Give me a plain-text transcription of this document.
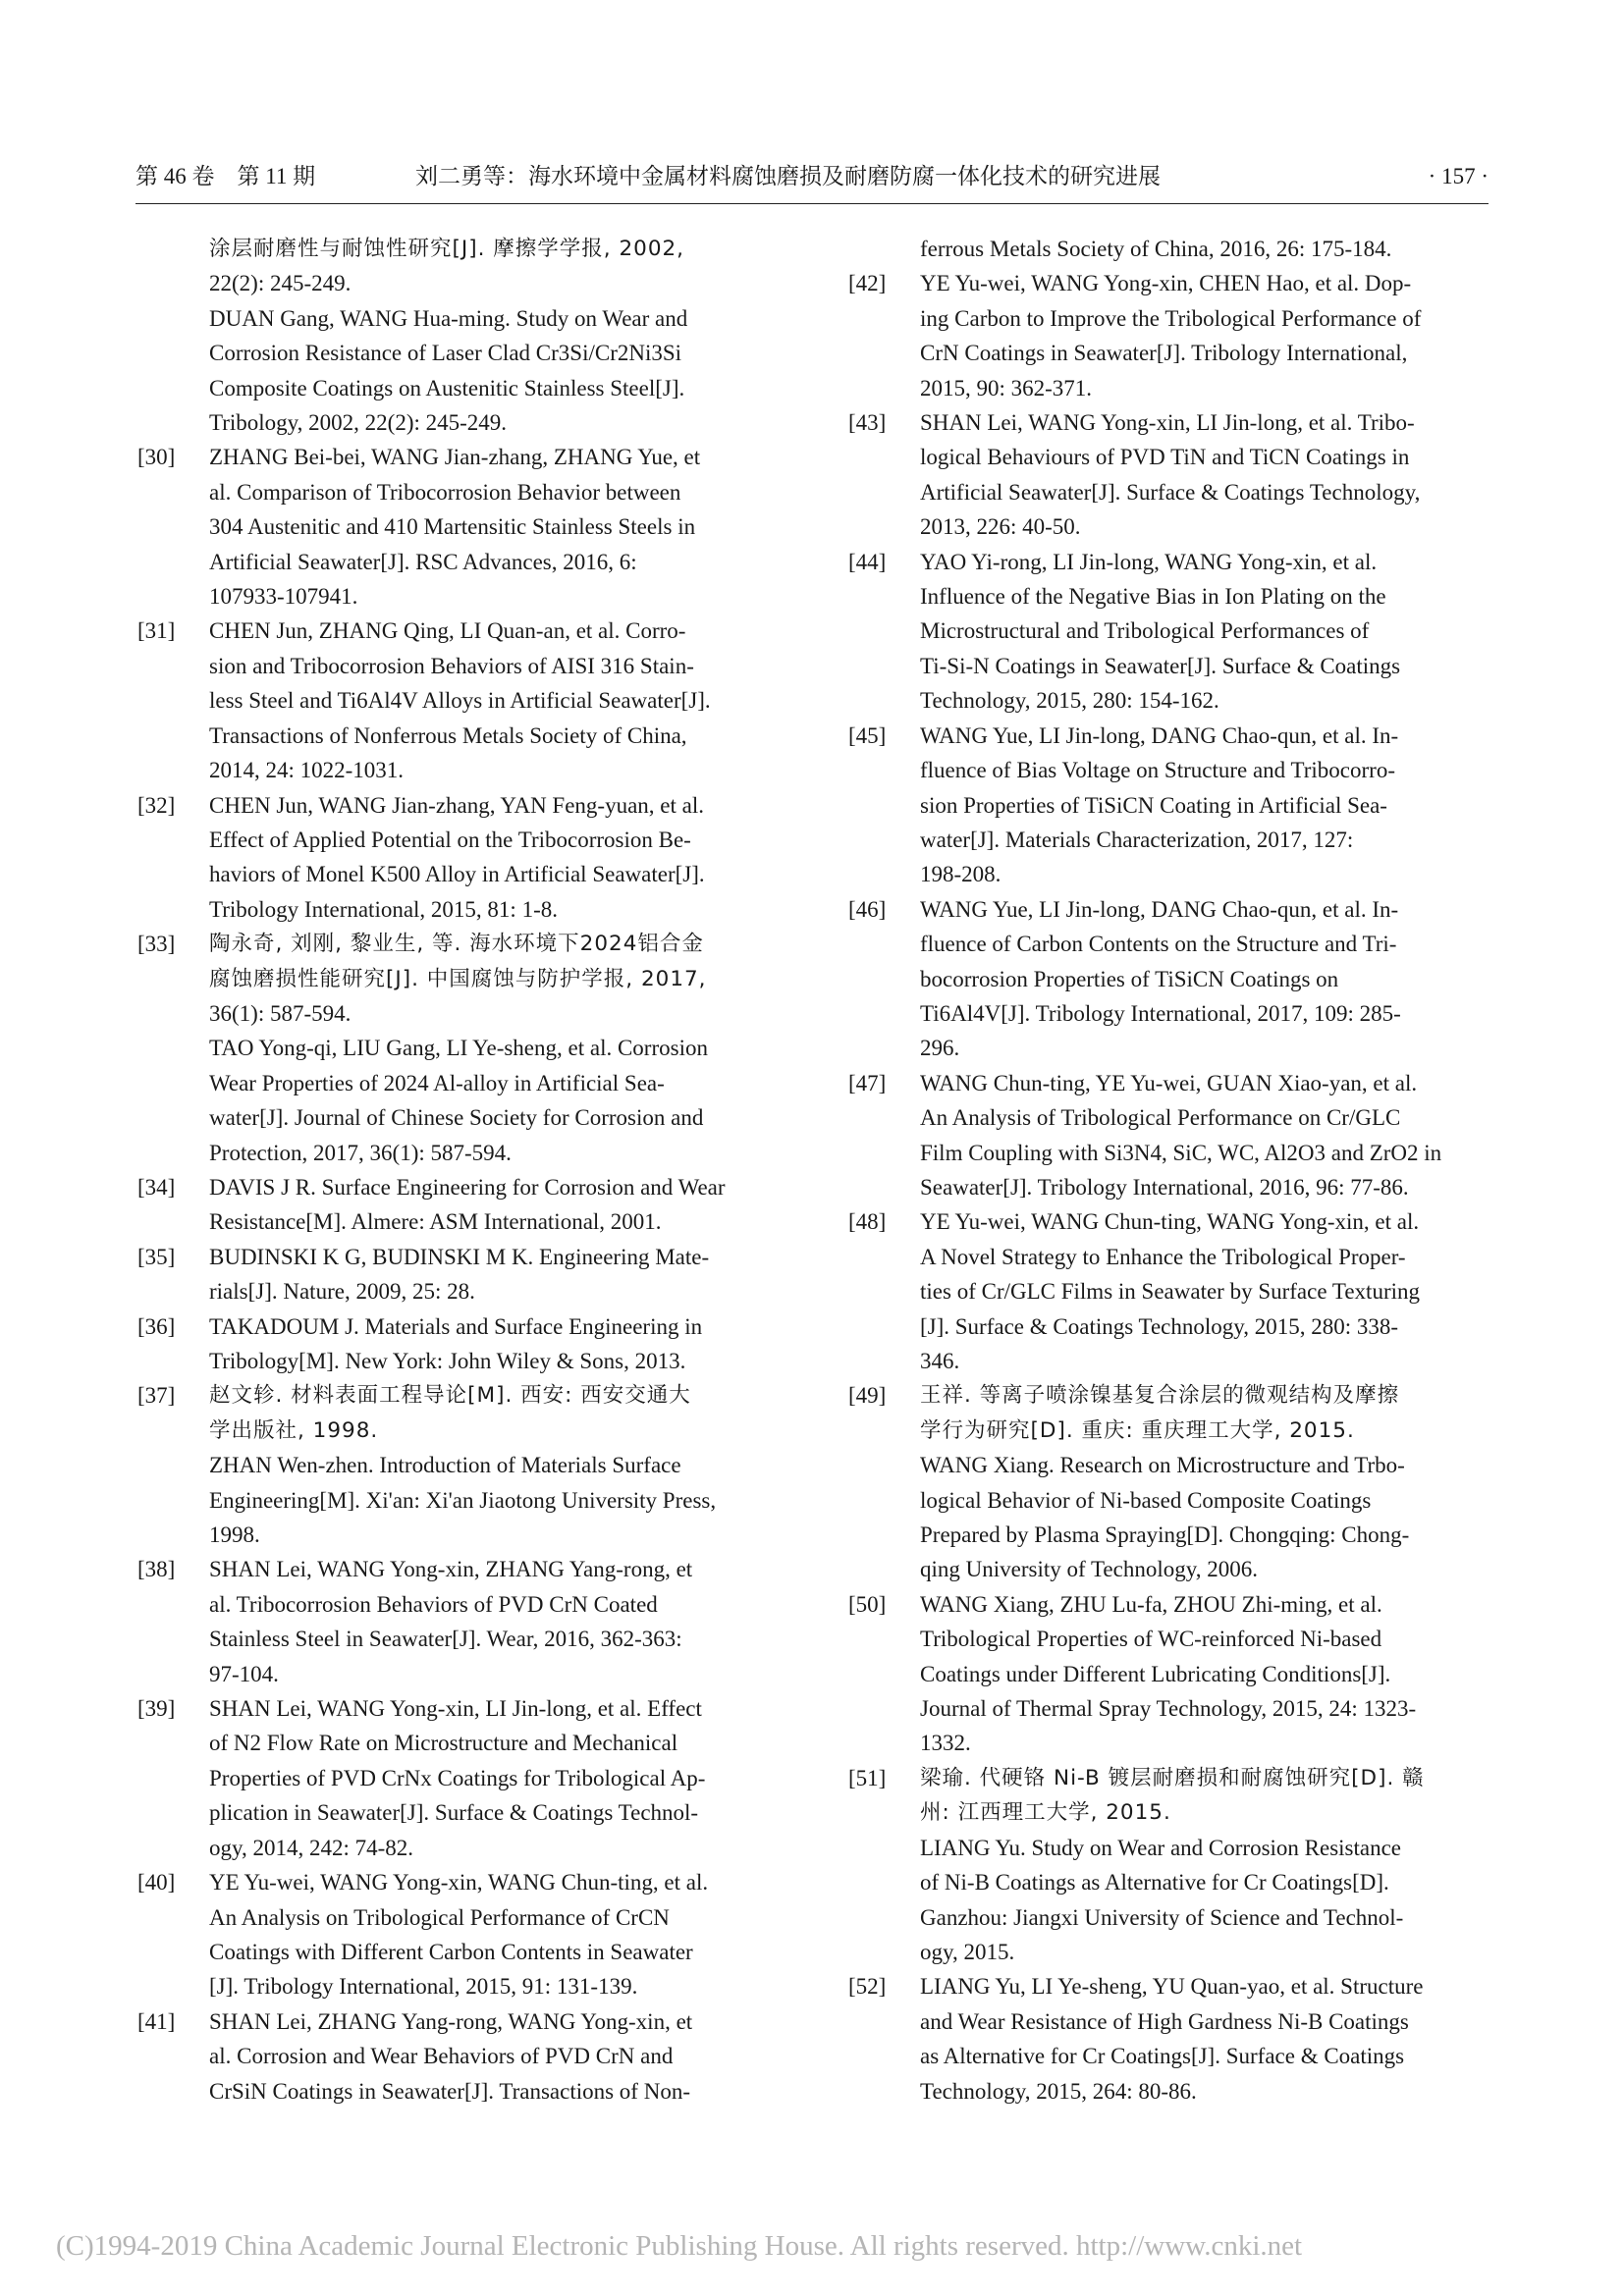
第 46 卷　第 11 期	刘二勇等：海水环境中金属材料腐蚀磨损及耐磨防腐一体化技术的研究进展	· 157 ·
涂层耐磨性与耐蚀性研究[J]. 摩擦学学报, 2002,
22(2): 245-249.
DUAN Gang, WANG Hua-ming. Study on Wear and
Corrosion Resistance of Laser Clad Cr3Si/Cr2Ni3Si
Composite Coatings on Austenitic Stainless Steel[J].
Tribology, 2002, 22(2): 245-249.
[30] ZHANG Bei-bei, WANG Jian-zhang, ZHANG Yue, et
al. Comparison of Tribocorrosion Behavior between
304 Austenitic and 410 Martensitic Stainless Steels in
Artificial Seawater[J]. RSC Advances, 2016, 6:
107933-107941.
[31] CHEN Jun, ZHANG Qing, LI Quan-an, et al. Corro-
sion and Tribocorrosion Behaviors of AISI 316 Stain-
less Steel and Ti6Al4V Alloys in Artificial Seawater[J].
Transactions of Nonferrous Metals Society of China,
2014, 24: 1022-1031.
[32] CHEN Jun, WANG Jian-zhang, YAN Feng-yuan, et al.
Effect of Applied Potential on the Tribocorrosion Be-
haviors of Monel K500 Alloy in Artificial Seawater[J].
Tribology International, 2015, 81: 1-8.
[33] 陶永奇, 刘刚, 黎业生, 等. 海水环境下2024铝合金
腐蚀磨损性能研究[J]. 中国腐蚀与防护学报, 2017,
36(1): 587-594.
TAO Yong-qi, LIU Gang, LI Ye-sheng, et al. Corrosion
Wear Properties of 2024 Al-alloy in Artificial Sea-
water[J]. Journal of Chinese Society for Corrosion and
Protection, 2017, 36(1): 587-594.
[34] DAVIS J R. Surface Engineering for Corrosion and Wear
Resistance[M]. Almere: ASM International, 2001.
[35] BUDINSKI K G, BUDINSKI M K. Engineering Mate-
rials[J]. Nature, 2009, 25: 28.
[36] TAKADOUM J. Materials and Surface Engineering in
Tribology[M]. New York: John Wiley & Sons, 2013.
[37] 赵文轸. 材料表面工程导论[M]. 西安: 西安交通大
学出版社, 1998.
ZHAN Wen-zhen. Introduction of Materials Surface
Engineering[M]. Xi'an: Xi'an Jiaotong University Press,
1998.
[38] SHAN Lei, WANG Yong-xin, ZHANG Yang-rong, et
al. Tribocorrosion Behaviors of PVD CrN Coated
Stainless Steel in Seawater[J]. Wear, 2016, 362-363:
97-104.
[39] SHAN Lei, WANG Yong-xin, LI Jin-long, et al. Effect
of N2 Flow Rate on Microstructure and Mechanical
Properties of PVD CrNx Coatings for Tribological Ap-
plication in Seawater[J]. Surface & Coatings Technol-
ogy, 2014, 242: 74-82.
[40] YE Yu-wei, WANG Yong-xin, WANG Chun-ting, et al.
An Analysis on Tribological Performance of CrCN
Coatings with Different Carbon Contents in Seawater
[J]. Tribology International, 2015, 91: 131-139.
[41] SHAN Lei, ZHANG Yang-rong, WANG Yong-xin, et
al. Corrosion and Wear Behaviors of PVD CrN and
CrSiN Coatings in Seawater[J]. Transactions of Non-
ferrous Metals Society of China, 2016, 26: 175-184.
[42] YE Yu-wei, WANG Yong-xin, CHEN Hao, et al. Dop-
ing Carbon to Improve the Tribological Performance of
CrN Coatings in Seawater[J]. Tribology International,
2015, 90: 362-371.
[43] SHAN Lei, WANG Yong-xin, LI Jin-long, et al. Tribo-
logical Behaviours of PVD TiN and TiCN Coatings in
Artificial Seawater[J]. Surface & Coatings Technology,
2013, 226: 40-50.
[44] YAO Yi-rong, LI Jin-long, WANG Yong-xin, et al.
Influence of the Negative Bias in Ion Plating on the
Microstructural and Tribological Performances of
Ti-Si-N Coatings in Seawater[J]. Surface & Coatings
Technology, 2015, 280: 154-162.
[45] WANG Yue, LI Jin-long, DANG Chao-qun, et al. In-
fluence of Bias Voltage on Structure and Tribocorro-
sion Properties of TiSiCN Coating in Artificial Sea-
water[J]. Materials Characterization, 2017, 127:
198-208.
[46] WANG Yue, LI Jin-long, DANG Chao-qun, et al. In-
fluence of Carbon Contents on the Structure and Tri-
bocorrosion Properties of TiSiCN Coatings on
Ti6Al4V[J]. Tribology International, 2017, 109: 285-
296.
[47] WANG Chun-ting, YE Yu-wei, GUAN Xiao-yan, et al.
An Analysis of Tribological Performance on Cr/GLC
Film Coupling with Si3N4, SiC, WC, Al2O3 and ZrO2 in
Seawater[J]. Tribology International, 2016, 96: 77-86.
[48] YE Yu-wei, WANG Chun-ting, WANG Yong-xin, et al.
A Novel Strategy to Enhance the Tribological Proper-
ties of Cr/GLC Films in Seawater by Surface Texturing
[J]. Surface & Coatings Technology, 2015, 280: 338-
346.
[49] 王祥. 等离子喷涂镍基复合涂层的微观结构及摩擦
学行为研究[D]. 重庆: 重庆理工大学, 2015.
WANG Xiang. Research on Microstructure and Trbo-
logical Behavior of Ni-based Composite Coatings
Prepared by Plasma Spraying[D]. Chongqing: Chong-
qing University of Technology, 2006.
[50] WANG Xiang, ZHU Lu-fa, ZHOU Zhi-ming, et al.
Tribological Properties of WC-reinforced Ni-based
Coatings under Different Lubricating Conditions[J].
Journal of Thermal Spray Technology, 2015, 24: 1323-
1332.
[51] 梁瑜. 代硬铬 Ni-B 镀层耐磨损和耐腐蚀研究[D]. 赣
州: 江西理工大学, 2015.
LIANG Yu. Study on Wear and Corrosion Resistance
of Ni-B Coatings as Alternative for Cr Coatings[D].
Ganzhou: Jiangxi University of Science and Technol-
ogy, 2015.
[52] LIANG Yu, LI Ye-sheng, YU Quan-yao, et al. Structure
and Wear Resistance of High Gardness Ni-B Coatings
as Alternative for Cr Coatings[J]. Surface & Coatings
Technology, 2015, 264: 80-86.
(C)1994-2019 China Academic Journal Electronic Publishing House. All rights reserved. http://www.cnki.net
